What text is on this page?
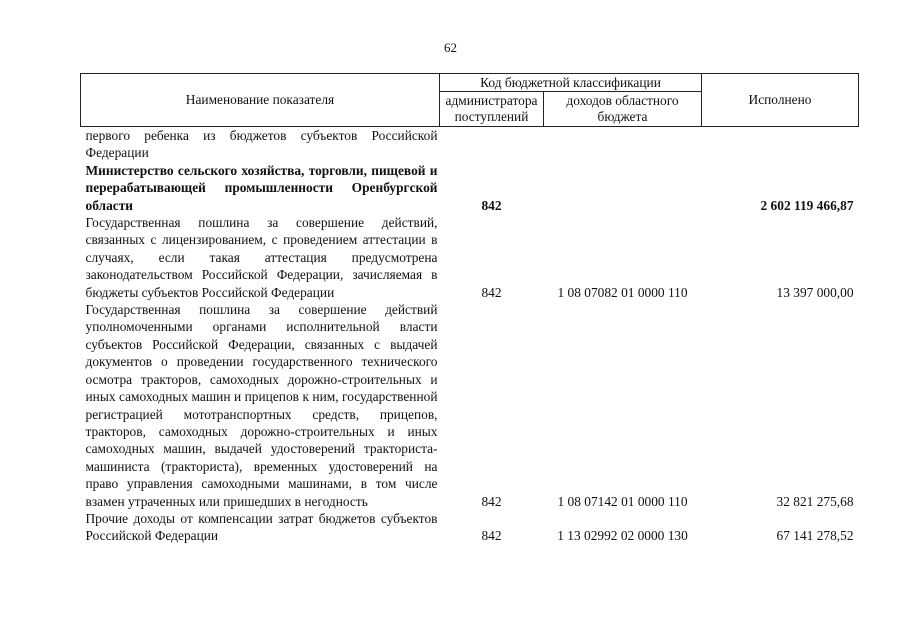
62
Наименование показателя	Код бюджетной классификации		Исполнено
	администратора поступлений	доходов областного бюджета	
первого ребенка из бюджетов субъектов Российской Федерации			
Министерство сельского хозяйства, торговли, пищевой и перерабатывающей промышленности Оренбургской области	842		2 602 119 466,87
Государственная пошлина за совершение действий, связанных с лицензированием, с проведением аттестации в случаях, если такая аттестация предусмотрена законодательством Российской Федерации, зачисляемая в бюджеты субъектов Российской Федерации	842	1 08 07082 01 0000 110	13 397 000,00
Государственная пошлина за совершение действий уполномоченными органами исполнительной власти субъектов Российской Федерации, связанных с выдачей документов о проведении государственного технического осмотра тракторов, самоходных дорожно-строительных и иных самоходных машин и прицепов к ним, государственной регистрацией мототранспортных средств, прицепов, тракторов, самоходных дорожно-строительных и иных самоходных машин, выдачей удостоверений тракториста-машиниста (тракториста), временных удостоверений на право управления самоходными машинами, в том числе взамен утраченных или пришедших в негодность	842	1 08 07142 01 0000 110	32 821 275,68
Прочие доходы от компенсации затрат бюджетов субъектов Российской Федерации	842	1 13 02992 02 0000 130	67 141 278,52
